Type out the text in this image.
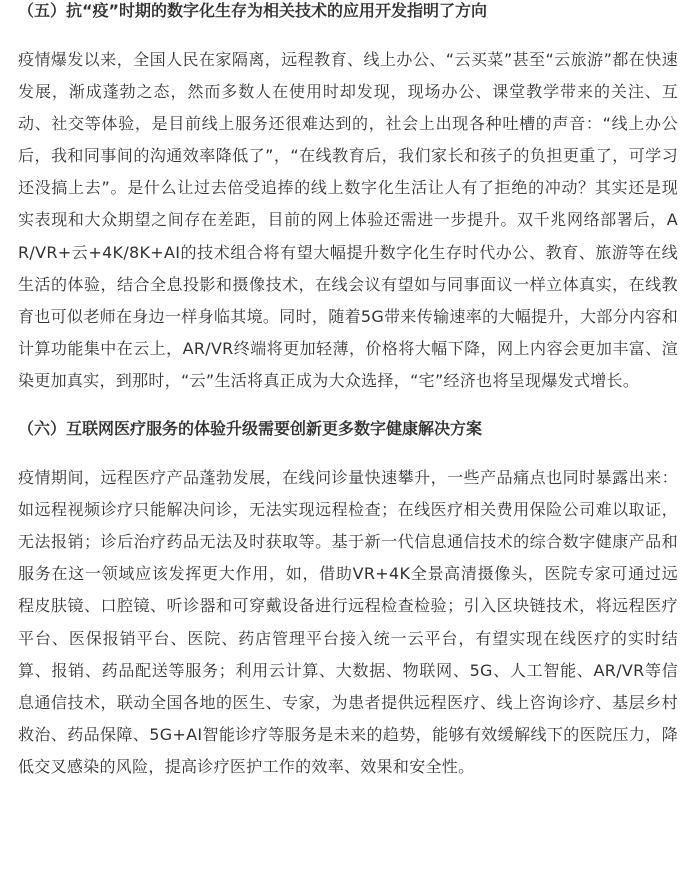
（五）抗“疫”时期的数字化生存为相关技术的应用开发指明了方向

疫情爆发以来，全国人民在家隔离，远程教育、线上办公、“云买菜”甚至“云旅游”都在快速发展，渐成蓬勃之态，然而多数人在使用时却发现，现场办公、课堂教学带来的关注、互动、社交等体验，是目前线上服务还很难达到的，社会上出现各种吐槽的声音：“线上办公后，我和同事间的沟通效率降低了”，“在线教育后，我们家长和孩子的负担更重了，可学习还没搞上去”。是什么让过去倍受追捧的线上数字化生活让人有了拒绝的冲动？其实还是现实表现和大众期望之间存在差距，目前的网上体验还需进一步提升。双千兆网络部署后，AR/VR+云+4K/8K+AI的技术组合将有望大幅提升数字化生存时代办公、教育、旅游等在线生活的体验，结合全息投影和摄像技术，在线会议有望如与同事面议一样立体真实，在线教育也可似老师在身边一样身临其境。同时，随着5G带来传输速率的大幅提升，大部分内容和计算功能集中在云上，AR/VR终端将更加轻薄，价格将大幅下降，网上内容会更加丰富、渲染更加真实，到那时，“云”生活将真正成为大众选择，“宅”经济也将呈现爆发式增长。

（六）互联网医疗服务的体验升级需要创新更多数字健康解决方案

疫情期间，远程医疗产品蓬勃发展，在线问诊量快速攀升，一些产品痛点也同时暴露出来：如远程视频诊疗只能解决问诊，无法实现远程检查；在线医疗相关费用保险公司难以取证，无法报销；诊后治疗药品无法及时获取等。基于新一代信息通信技术的综合数字健康产品和服务在这一领域应该发挥更大作用，如，借助VR+4K全景高清摄像头，医院专家可通过远程皮肤镜、口腔镜、听诊器和可穿戴设备进行远程检查检验；引入区块链技术，将远程医疗平台、医保报销平台、医院、药店管理平台接入统一云平台，有望实现在线医疗的实时结算、报销、药品配送等服务；利用云计算、大数据、物联网、5G、人工智能、AR/VR等信息通信技术，联动全国各地的医生、专家，为患者提供远程医疗、线上咨询诊疗、基层乡村救治、药品保障、5G+AI智能诊疗等服务是未来的趋势，能够有效缓解线下的医院压力，降低交叉感染的风险，提高诊疗医护工作的效率、效果和安全性。
